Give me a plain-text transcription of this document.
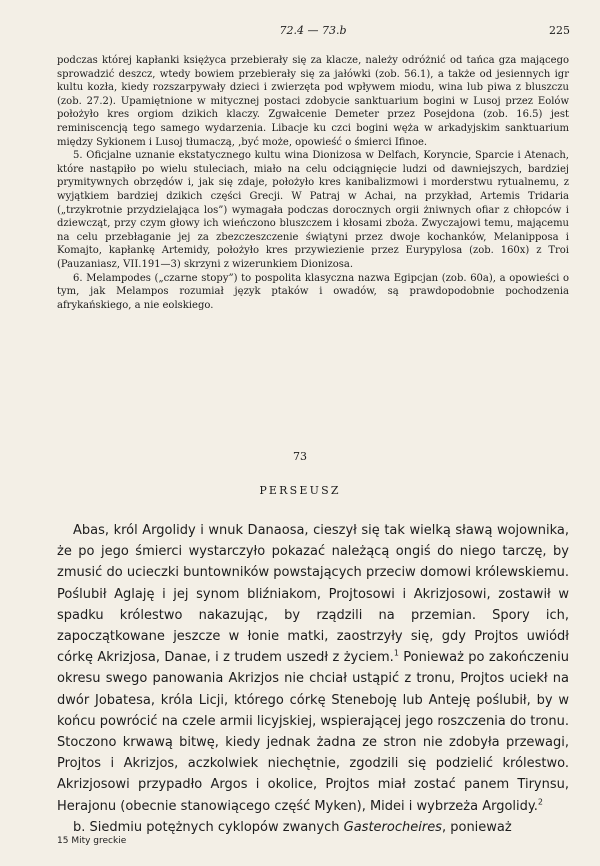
72.4 — 73.b	225

podczas której kapłanki księżyca przebierały się za klacze, należy odróżnić od tańca gza mającego sprowadzić deszcz, wtedy bowiem przebierały się za jałówki (zob. 56.1), a także od jesiennych igr kultu kozła, kiedy rozszarpywały dzieci i zwierzęta pod wpływem miodu, wina lub piwa z bluszczu (zob. 27.2). Upamiętnione w mitycznej postaci zdobycie sanktuarium bogini w Lusoj przez Eolów położyło kres orgiom dzikich klaczy. Zgwałcenie Demeter przez Posejdona (zob. 16.5) jest reminiscencją tego samego wydarzenia. Libacje ku czci bogini węża w arkadyjskim sanktuarium między Sykionem i Lusoj tłumaczą, ,być może, opowieść o śmierci Ifinoe.

5. Oficjalne uznanie ekstatycznego kultu wina Dionizosa w Delfach, Koryncie, Sparcie i Atenach, które nastąpiło po wielu stuleciach, miało na celu odciągnięcie ludzi od dawniejszych, bardziej prymitywnych obrzędów i, jak się zdaje, położyło kres kanibalizmowi i morderstwu rytualnemu, z wyjątkiem bardziej dzikich części Grecji. W Patraj w Achai, na przykład, Artemis Tridaria („trzykrotnie przydzielająca los”) wymagała podczas dorocznych orgii żniwnych ofiar z chłopców i dziewcząt, przy czym głowy ich wieńczono bluszczem i kłosami zboża. Zwyczajowi temu, mającemu na celu przebłaganie jej za zbezczeszczenie świątyni przez dwoje kochanków, Melanipposa i Komajto, kapłankę Artemidy, położyło kres przywiezienie przez Eurypylosa (zob. 160x) z Troi (Pauzaniasz, VII.191—3) skrzyni z wizerunkiem Dionizosa.

6. Melampodes („czarne stopy”) to pospolita klasyczna nazwa Egipcjan (zob. 60a), a opowieści o tym, jak Melampos rozumiał język ptaków i owadów, są prawdopodobnie pochodzenia afrykańskiego, a nie eolskiego.

73
PERSEUSZ

Abas, król Argolidy i wnuk Danaosa, cieszył się tak wielką sławą wojownika, że po jego śmierci wystarczyło pokazać należącą ongiś do niego tarczę, by zmusić do ucieczki buntowników powstających przeciw domowi królewskiemu. Poślubił Aglaję i jej synom bliźniakom, Projtosowi i Akrizjosowi, zostawił w spadku królestwo nakazując, by rządzili na przemian. Spory ich, zapoczątkowane jeszcze w łonie matki, zaostrzyły się, gdy Projtos uwiódł córkę Akrizjosa, Danae, i z trudem uszedł z życiem.$^1$ Ponieważ po zakończeniu okresu swego panowania Akrizjos nie chciał ustąpić z tronu, Projtos uciekł na dwór Jobatesa, króla Licji, którego córkę Steneboję lub Anteję poślubił, by w końcu powrócić na czele armii licyjskiej, wspierającej jego roszczenia do tronu. Stoczono krwawą bitwę, kiedy jednak żadna ze stron nie zdobyła przewagi, Projtos i Akrizjos, aczkolwiek niechętnie, zgodzili się podzielić królestwo. Akrizjosowi przypadło Argos i okolice, Projtos miał zostać panem Tirynsu, Herajonu (obecnie stanowiącego część Myken), Midei i wybrzeża Argolidy.$^2$

b. Siedmiu potężnych cyklopów zwanych Gasterocheires, ponieważ

15 Mity greckie
